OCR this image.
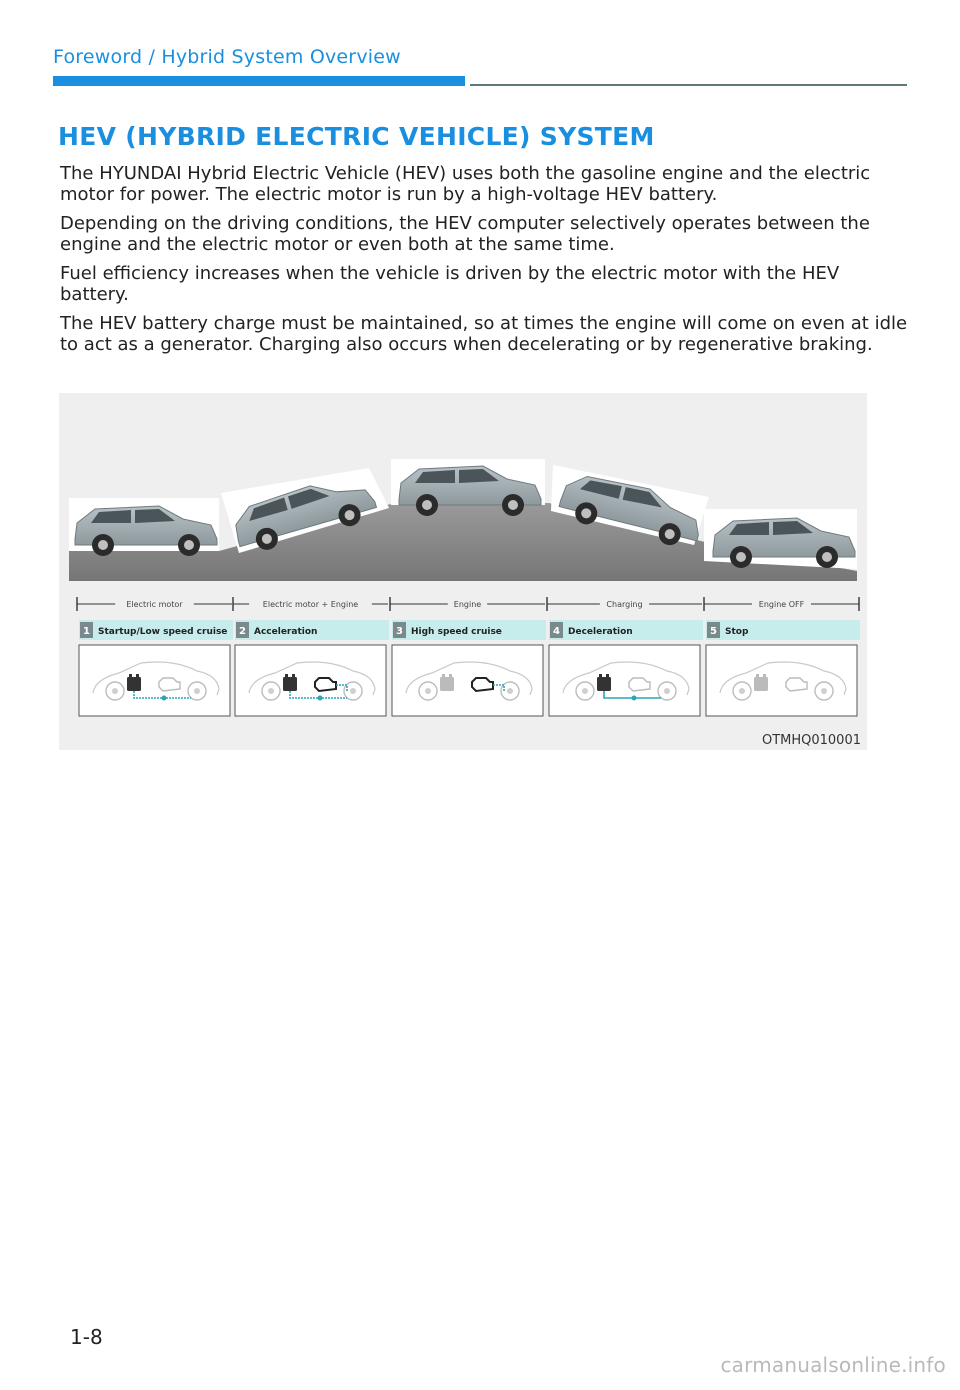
Foreword / Hybrid System Overview
HEV (HYBRID ELECTRIC VEHICLE) SYSTEM

The HYUNDAI Hybrid Electric Vehicle (HEV) uses both the gasoline engine and the electric motor for power. The electric motor is run by a high-voltage HEV battery.

Depending on the driving conditions, the HEV computer selectively operates between the engine and the electric motor or even both at the same time.

Fuel efficiency increases when the vehicle is driven by the electric motor with the HEV battery.

The HEV battery charge must be maintained, so at times the engine will come on even at idle to act as a generator. Charging also occurs when decelerating or by regenerative braking.

Electric motor
1 Startup/Low speed cruise
Electric motor + Engine
2 Acceleration
Engine
3 High speed cruise
Charging
4 Deceleration
Engine OFF
5 Stop
OTMHQ010001
1-8
carmanualsonline.info
